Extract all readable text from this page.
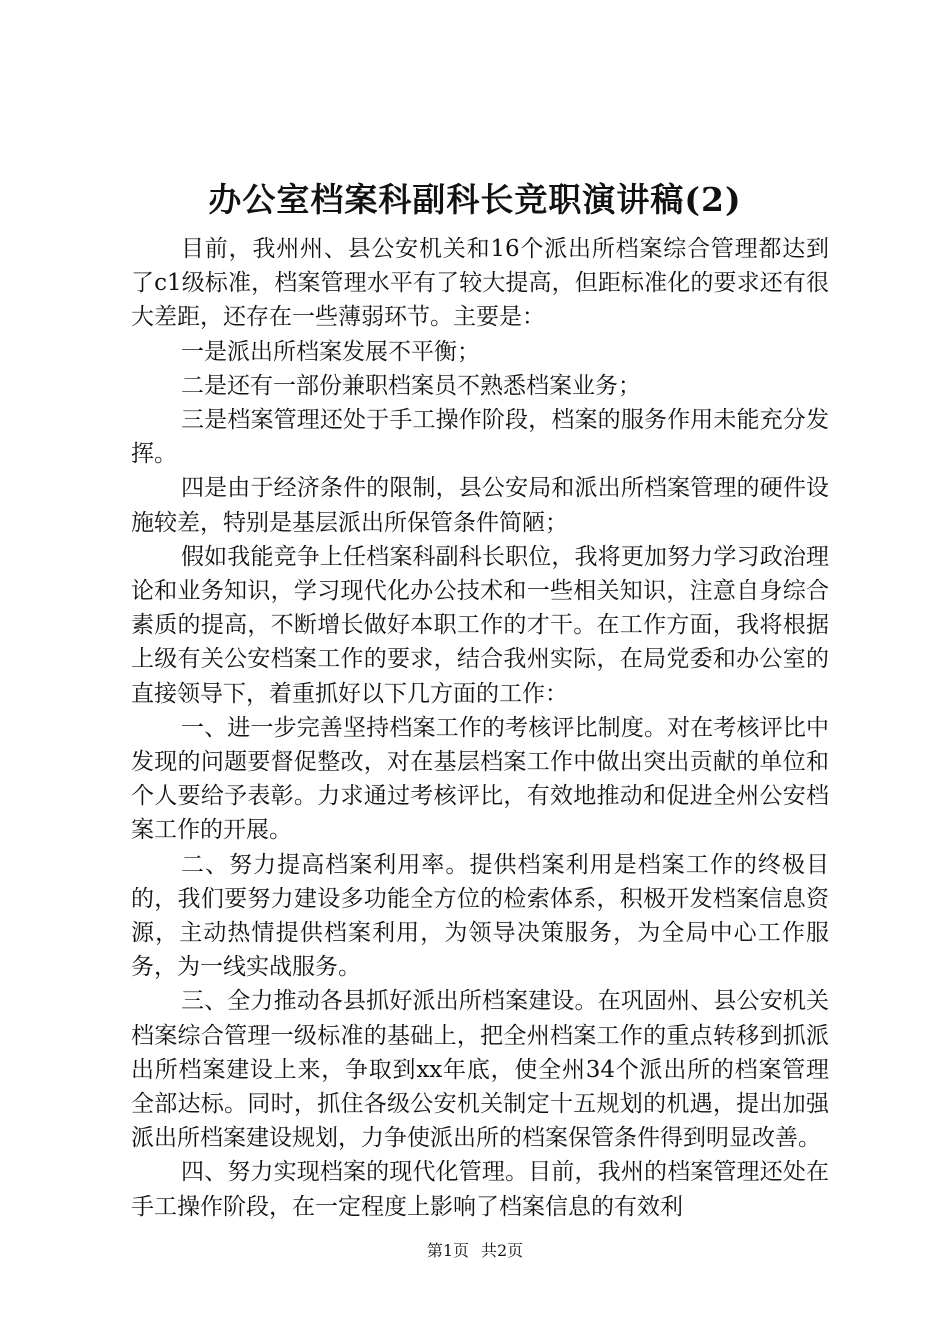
办公室档案科副科长竞职演讲稿(2)

目前，我州州、县公安机关和16个派出所档案综合管理都达到了c1级标准，档案管理水平有了较大提高，但距标准化的要求还有很大差距，还存在一些薄弱环节。主要是：

一是派出所档案发展不平衡；

二是还有一部份兼职档案员不熟悉档案业务；

三是档案管理还处于手工操作阶段，档案的服务作用未能充分发挥。

四是由于经济条件的限制，县公安局和派出所档案管理的硬件设施较差，特别是基层派出所保管条件简陋；

假如我能竞争上任档案科副科长职位，我将更加努力学习政治理论和业务知识，学习现代化办公技术和一些相关知识，注意自身综合素质的提高，不断增长做好本职工作的才干。在工作方面，我将根据上级有关公安档案工作的要求，结合我州实际，在局党委和办公室的直接领导下，着重抓好以下几方面的工作：

一、进一步完善坚持档案工作的考核评比制度。对在考核评比中发现的问题要督促整改，对在基层档案工作中做出突出贡献的单位和个人要给予表彰。力求通过考核评比，有效地推动和促进全州公安档案工作的开展。

二、努力提高档案利用率。提供档案利用是档案工作的终极目的，我们要努力建设多功能全方位的检索体系，积极开发档案信息资源，主动热情提供档案利用，为领导决策服务，为全局中心工作服务，为一线实战服务。

三、全力推动各县抓好派出所档案建设。在巩固州、县公安机关档案综合管理一级标准的基础上，把全州档案工作的重点转移到抓派出所档案建设上来，争取到xx年底，使全州34个派出所的档案管理全部达标。同时，抓住各级公安机关制定十五规划的机遇，提出加强派出所档案建设规划，力争使派出所的档案保管条件得到明显改善。

四、努力实现档案的现代化管理。目前，我州的档案管理还处在手工操作阶段，在一定程度上影响了档案信息的有效利

第1页 共2页
